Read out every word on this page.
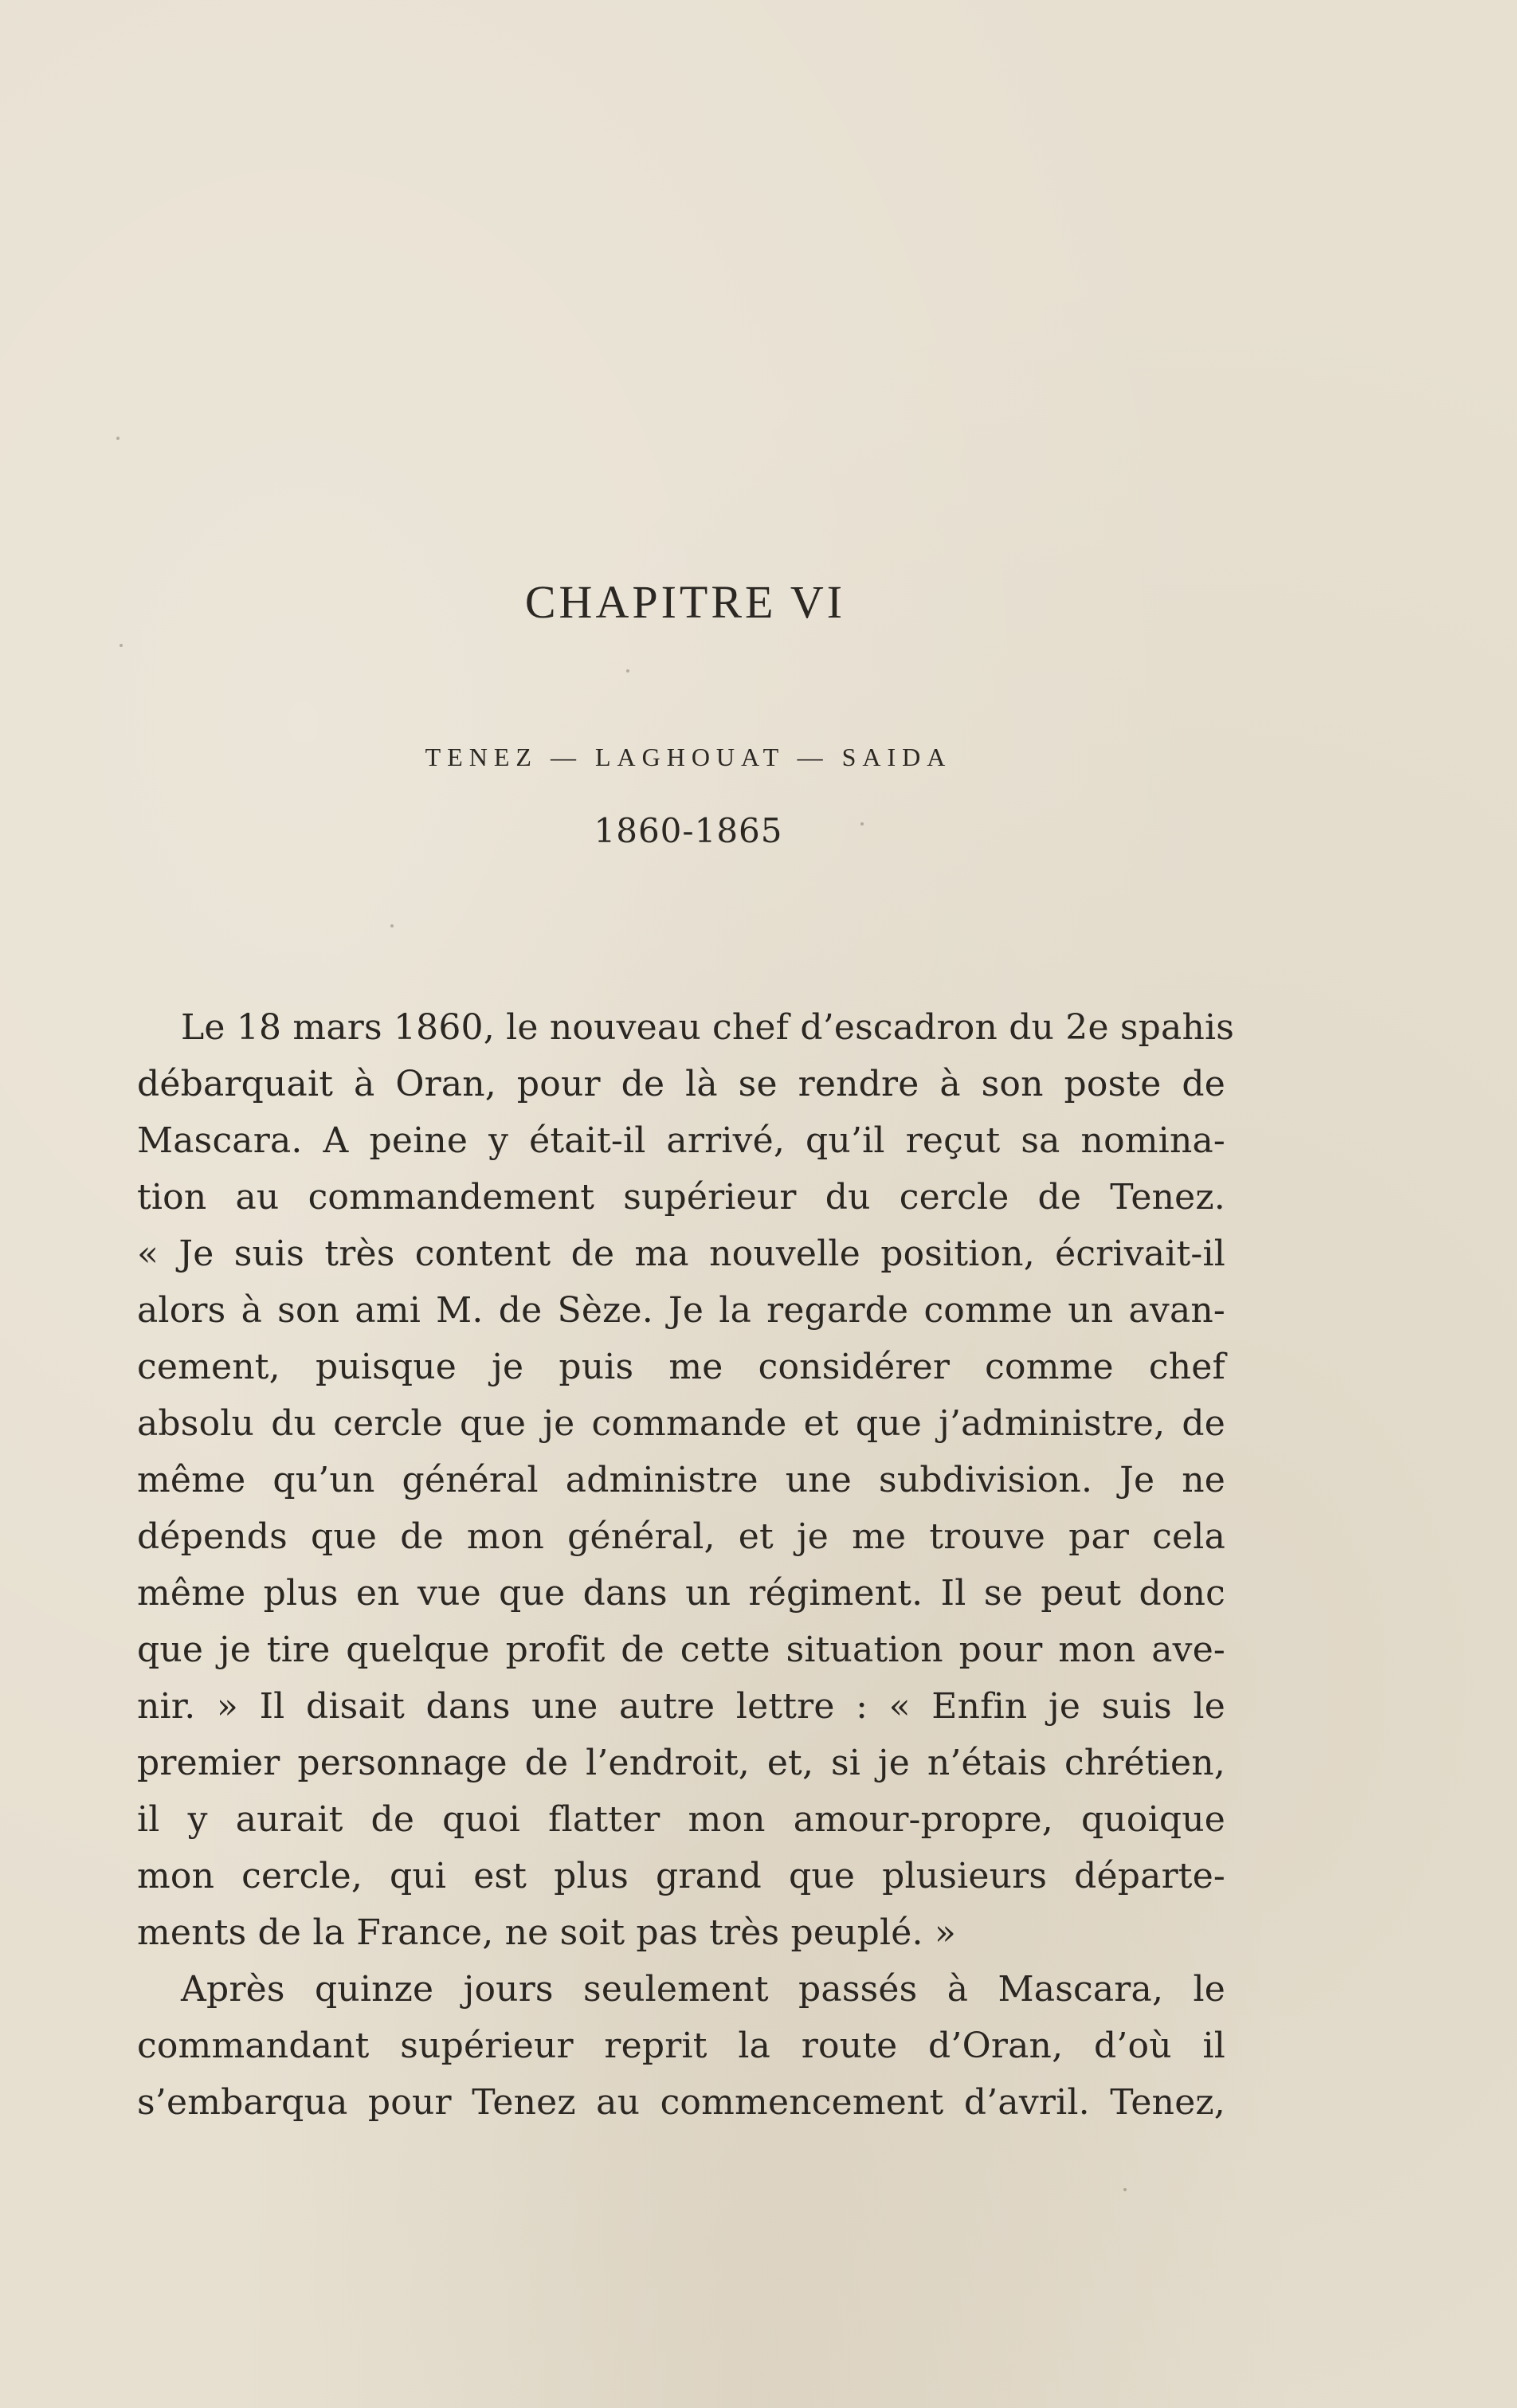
CHAPITRE VI
TENEZ — LAGHOUAT — SAIDA
1860-1865
Le 18 mars 1860, le nouveau chef d’escadron du 2e spahis
débarquait à Oran, pour de là se rendre à son poste de
Mascara. A peine y était-il arrivé, qu’il reçut sa nomina-
tion au commandement supérieur du cercle de Tenez.
« Je suis très content de ma nouvelle position, écrivait-il
alors à son ami M. de Sèze. Je la regarde comme un avan-
cement, puisque je puis me considérer comme chef
absolu du cercle que je commande et que j’administre, de
même qu’un général administre une subdivision. Je ne
dépends que de mon général, et je me trouve par cela
même plus en vue que dans un régiment. Il se peut donc
que je tire quelque profit de cette situation pour mon ave-
nir. » Il disait dans une autre lettre : « Enfin je suis le
premier personnage de l’endroit, et, si je n’étais chrétien,
il y aurait de quoi flatter mon amour-propre, quoique
mon cercle, qui est plus grand que plusieurs départe-
ments de la France, ne soit pas très peuplé. »
Après quinze jours seulement passés à Mascara, le
commandant supérieur reprit la route d’Oran, d’où il
s’embarqua pour Tenez au commencement d’avril. Tenez,
